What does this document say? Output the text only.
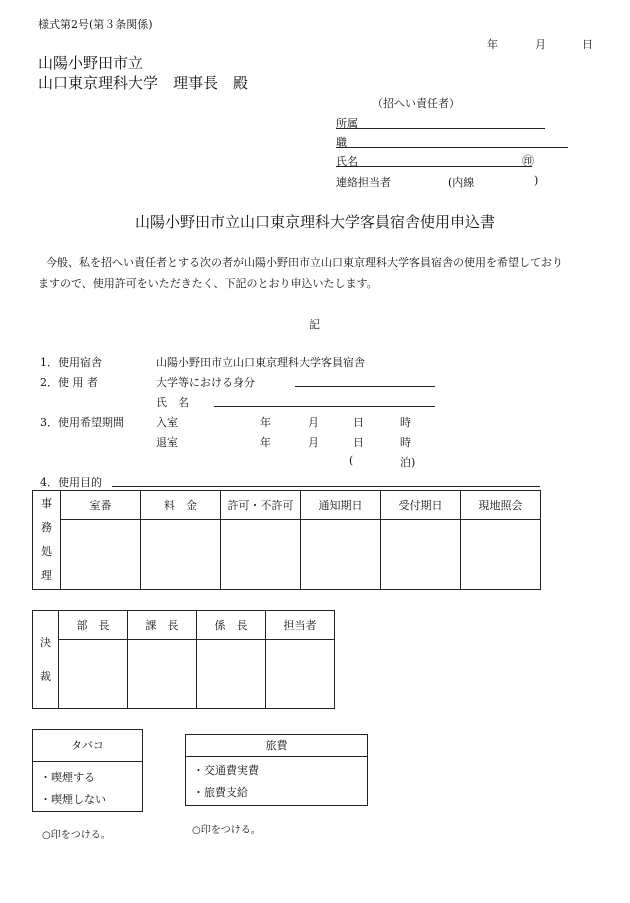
様式第2号(第３条関係)
年	月	日
山陽小野田市立
山口東京理科大学　理事長　殿
（招へい責任者）
所属
職
氏名	㊞
連絡担当者	(内線	)
山陽小野田市立山口東京理科大学客員宿舎使用申込書
今般、私を招へい責任者とする次の者が山陽小野田市立山口東京理科大学客員宿舎の使用を希望しており
ますので、使用許可をいただきたく、下記のとおり申込いたします。
記
1．使用宿舎	山陽小野田市立山口東京理科大学客員宿舎
2．使 用 者	大学等における身分
氏　名
3．使用希望期間	入室	年	月	日	時
退室	年	月	日	時
(	泊)
4．使用目的
事
務
処
理	室番	料　金	許可・不許可	通知期日	受付期日	現地照会

決
裁	部　長	課　長	係　長	担当者

タバコ
・喫煙する
・喫煙しない
○印をつける。
旅費
・交通費実費
・旅費支給
○印をつける。
